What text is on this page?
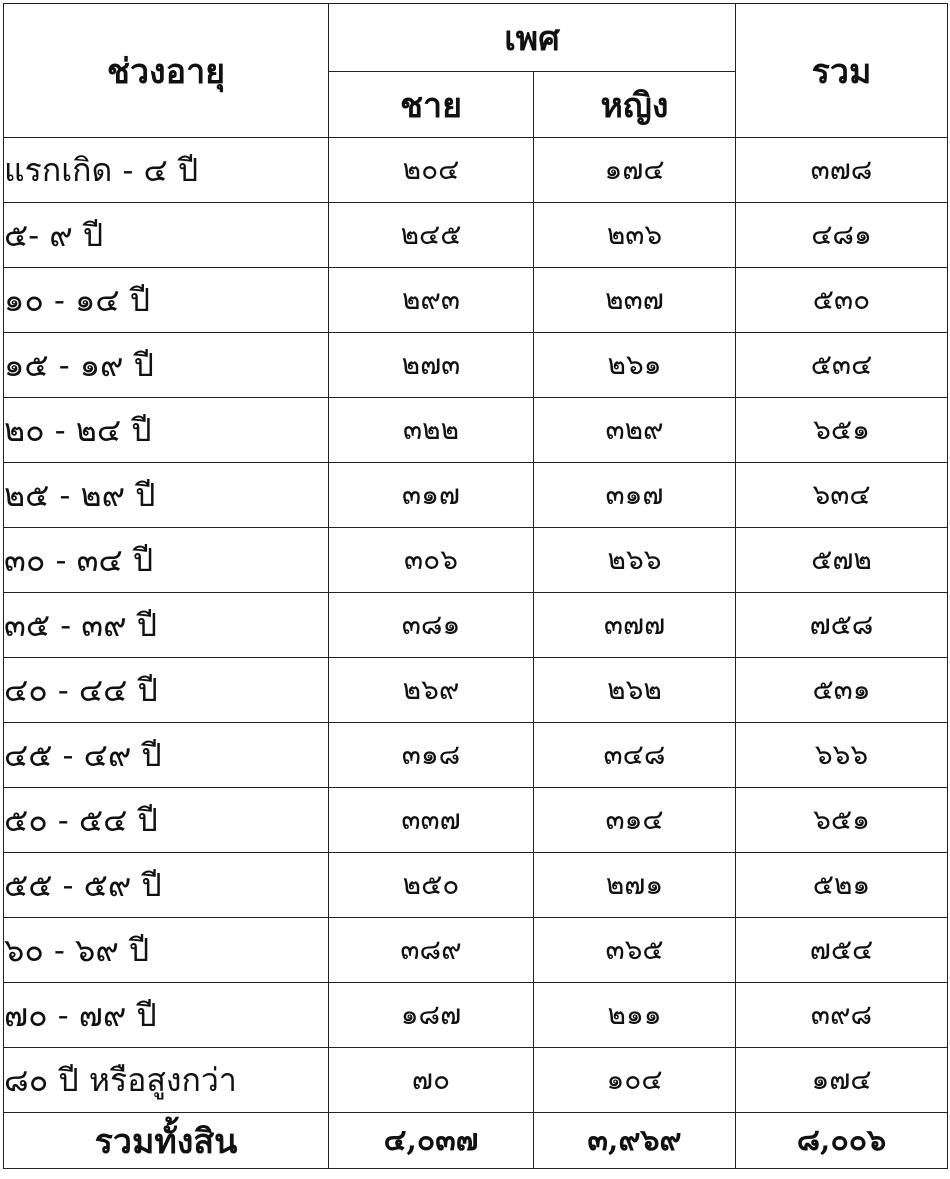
ช่วงอายุ	เพศ		รวม
	ชาย	หญิง	
แรกเกิด - ๔ ปี	๒๐๔	๑๗๔	๓๗๘
๕- ๙ ปี	๒๔๕	๒๓๖	๔๘๑
๑๐ - ๑๔ ปี	๒๙๓	๒๓๗	๕๓๐
๑๕ - ๑๙ ปี	๒๗๓	๒๖๑	๕๓๔
๒๐ - ๒๔ ปี	๓๒๒	๓๒๙	๖๕๑
๒๕ - ๒๙ ปี	๓๑๗	๓๑๗	๖๓๔
๓๐ - ๓๔ ปี	๓๐๖	๒๖๖	๕๗๒
๓๕ - ๓๙ ปี	๓๘๑	๓๗๗	๗๕๘
๔๐ - ๔๔ ปี	๒๖๙	๒๖๒	๕๓๑
๔๕ - ๔๙ ปี	๓๑๘	๓๔๘	๖๖๖
๕๐ - ๕๔ ปี	๓๓๗	๓๑๔	๖๕๑
๕๕ - ๕๙ ปี	๒๕๐	๒๗๑	๕๒๑
๖๐ - ๖๙ ปี	๓๘๙	๓๖๕	๗๕๔
๗๐ - ๗๙ ปี	๑๘๗	๒๑๑	๓๙๘
๘๐ ปี หรือสูงกว่า	๗๐	๑๐๔	๑๗๔
รวมทั้งสิน	๔,๐๓๗	๓,๙๖๙	๘,๐๐๖
